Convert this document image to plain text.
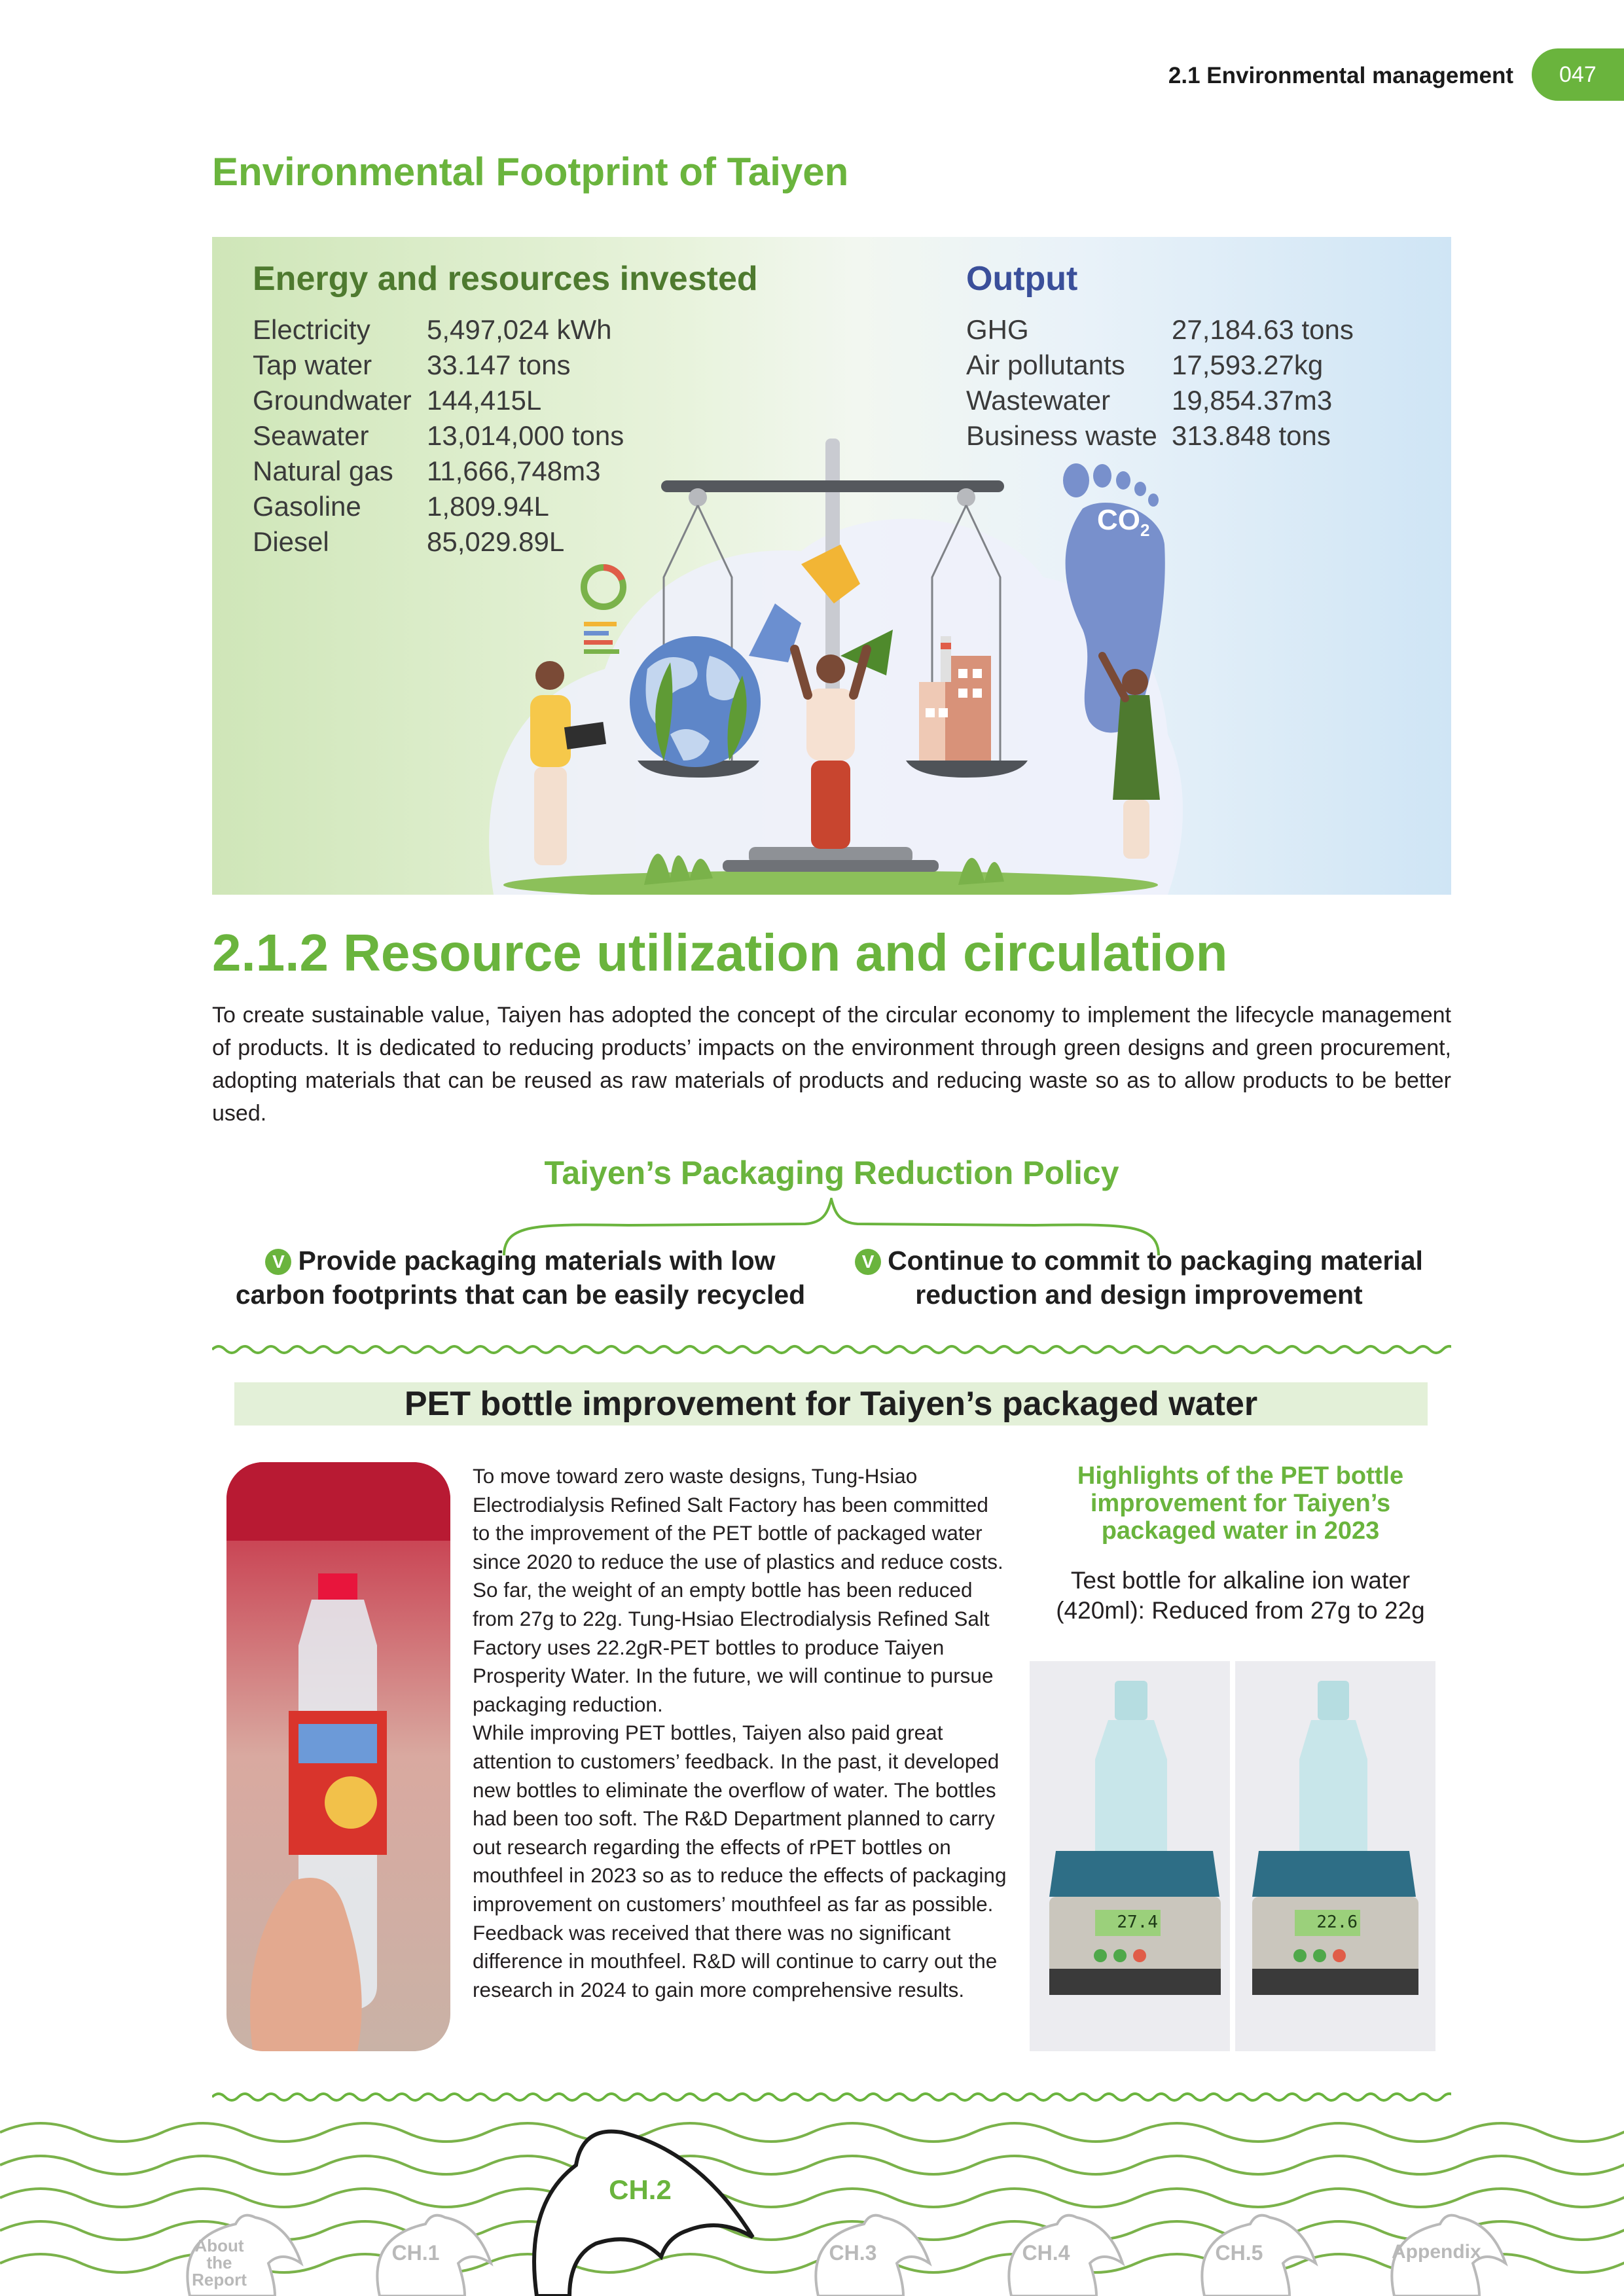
2.1 Environmental management	047
Environmental Footprint of Taiyen
Energy and resources invested	Output
Electricity 5,497,024 kWh
Tap water 33.147 tons
Groundwater 144,415L
Seawater 13,014,000 tons
Natural gas 11,666,748m3
Gasoline 1,809.94L
Diesel	85,029.89L
GHG	27,184.63 tons
Air pollutants 17,593.27kg
Wastewater 19,854.37m3
Business waste 313.848 tons
$CO_2$
2.1.2 Resource utilization and circulation
To create sustainable value, Taiyen has adopted the concept of the circular economy to implement the lifecycle management of products. It is dedicated to reducing products’ impacts on the environment through green designs and green procurement, adopting materials that can be reused as raw materials of products and reducing waste so as to allow products to be better used.
Taiyen’s Packaging Reduction Policy
V Provide packaging materials with low carbon footprints that can be easily recycled
V Continue to commit to packaging material reduction and design improvement
PET bottle improvement for Taiyen’s packaged water
To move toward zero waste designs, Tung-Hsiao Electrodialysis Refined Salt Factory has been committed to the improvement of the PET bottle of packaged water since 2020 to reduce the use of plastics and reduce costs. So far, the weight of an empty bottle has been reduced from 27g to 22g. Tung-Hsiao Electrodialysis Refined Salt Factory uses 22.2gR-PET bottles to produce Taiyen Prosperity Water. In the future, we will continue to pursue packaging reduction.
While improving PET bottles, Taiyen also paid great attention to customers’ feedback. In the past, it developed new bottles to eliminate the overflow of water. The bottles had been too soft. The R&D Department planned to carry out research regarding the effects of rPET bottles on mouthfeel in 2023 so as to reduce the effects of packaging improvement on customers’ mouthfeel as far as possible. Feedback was received that there was no significant difference in mouthfeel. R&D will continue to carry out the research in 2024 to gain more comprehensive results.
Highlights of the PET bottle improvement for Taiyen’s packaged water in 2023
Test bottle for alkaline ion water (420ml): Reduced from 27g to 22g
27.4	22.6
About
the
Report
CH.1
CH.2
CH.3	CH.4	CH.5	Appendix
